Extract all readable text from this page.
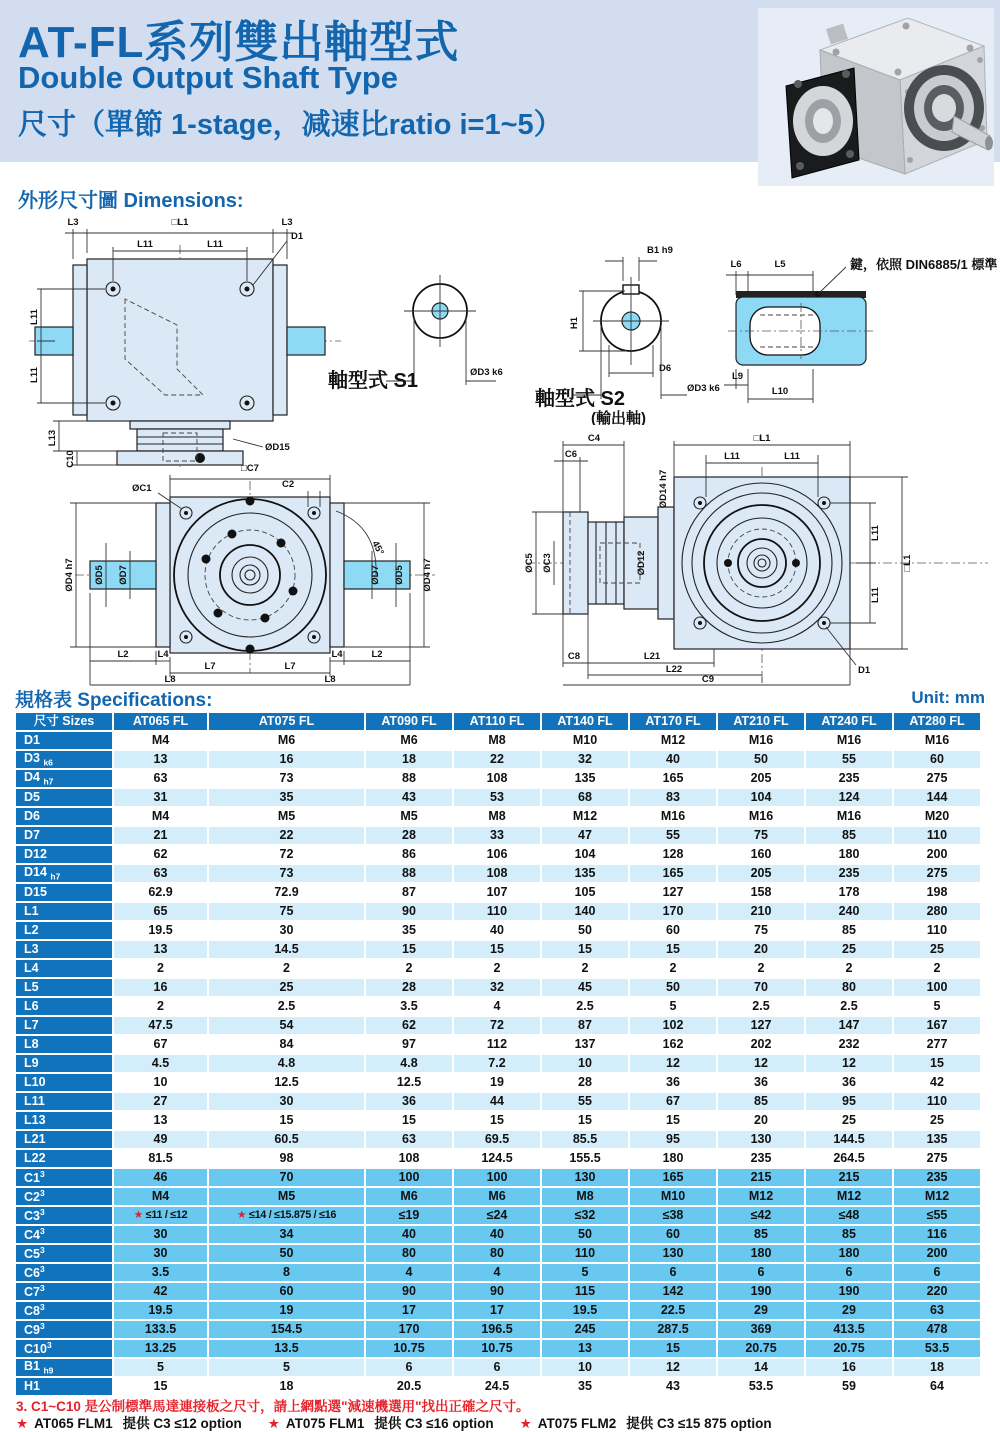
AT-FL系列雙出軸型式
Double Output Shaft Type
尺寸（單節 1-stage，减速比ratio i=1~5）
外形尺寸圖 Dimensions:
L3	□L1	L3
L11	L11
D1
L11
L11
L13
C10
ØD15
軸型式 S1	ØD3 k6
B1 h9
H1
D6
ØD3 k6
軸型式 S2
(輸出軸)
L6	L5	鍵，依照 DIN6885/1 標準
L9
L10
□C7
ØC1	C2
45°
ØD4 h7 ØD5 ØD7	ØD7 ØD5 ØD4 h7
L2	L4	L4	L2
L7	L7
L8	L8
C4
C6
ØD14 h7
□L1
L11	L11
ØC5 ØC3	ØD12
L11
L11
□L1
D1
C8	L21
L22
C9
規格表 Specifications:	Unit: mm
尺寸 Sizes	AT065 FL	AT075 FL	AT090 FL	AT110 FL	AT140 FL	AT170 FL	AT210 FL	AT240 FL	AT280 FL
D1	M4	M6	M6	M8	M10	M12	M16	M16	M16
D3 $_{k6}$	13	16	18	22	32	40	50	55	60
D4 $_{h7}$	63	73	88	108	135	165	205	235	275
D5	31	35	43	53	68	83	104	124	144
D6	M4	M5	M5	M8	M12	M16	M16	M16	M20
D7	21	22	28	33	47	55	75	85	110
D12	62	72	86	106	104	128	160	180	200
D14 $_{h7}$	63	73	88	108	135	165	205	235	275
D15	62.9	72.9	87	107	105	127	158	178	198
L1	65	75	90	110	140	170	210	240	280
L2	19.5	30	35	40	50	60	75	85	110
L3	13	14.5	15	15	15	15	20	25	25
L4	2	2	2	2	2	2	2	2	2
L5	16	25	28	32	45	50	70	80	100
L6	2	2.5	3.5	4	2.5	5	2.5	2.5	5
L7	47.5	54	62	72	87	102	127	147	167
L8	67	84	97	112	137	162	202	232	277
L9	4.5	4.8	4.8	7.2	10	12	12	12	15
L10	10	12.5	12.5	19	28	36	36	36	42
L11	27	30	36	44	55	67	85	95	110
L13	13	15	15	15	15	15	20	25	25
L21	49	60.5	63	69.5	85.5	95	130	144.5	135
L22	81.5	98	108	124.5	155.5	180	235	264.5	275
$C1^3$	46	70	100	100	130	165	215	215	235
$C2^3$	M4	M5	M6	M6	M8	M10	M12	M12	M12
$C3^3$	★ ≤11 / ≤12	★ ≤14 / ≤15.875 / ≤16	≤19	≤24	≤32	≤38	≤42	≤48	≤55
$C4^3$	30	34	40	40	50	60	85	85	116
$C5^3$	30	50	80	80	110	130	180	180	200
$C6^3$	3.5	8	4	4	5	6	6	6	6
$C7^3$	42	60	90	90	115	142	190	190	220
$C8^3$	19.5	19	17	17	19.5	22.5	29	29	63
$C9^3$	133.5	154.5	170	196.5	245	287.5	369	413.5	478
$C10^3$	13.25	13.5	10.75	10.75	13	15	20.75	20.75	53.5
B1 $_{h9}$	5	5	6	6	10	12	14	16	18
H1	15	18	20.5	24.5	35	43	53.5	59	64
3. C1~C10 是公制標準馬達連接板之尺寸，請上網點選"減速機選用"找出正確之尺寸。
★ AT065 FLM1 提供 C3 ≤12 option ★ AT075 FLM1 提供 C3 ≤16 option ★ AT075 FLM2 提供 C3 ≤15 875 option
